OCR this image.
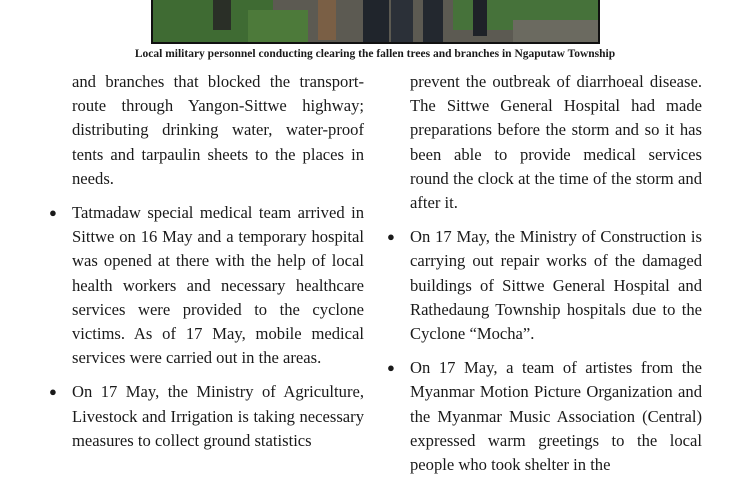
Local military personnel conducting clearing the fallen trees and branches in Ngaputaw Township

and branches that blocked the transport-route through Yangon-Sittwe highway; distributing drinking water, water-proof tents and tarpaulin sheets to the places in needs.

● Tatmadaw special medical team arrived in Sittwe on 16 May and a temporary hospital was opened at there with the help of local health workers and necessary healthcare services were provided to the cyclone victims. As of 17 May, mobile medical services were carried out in the areas.
● On 17 May, the Ministry of Agriculture, Livestock and Irrigation is taking necessary measures to collect ground statistics

prevent the outbreak of diarrhoeal disease. The Sittwe General Hospital had made preparations before the storm and so it has been able to provide medical services round the clock at the time of the storm and after it.

● On 17 May, the Ministry of Construction is carrying out repair works of the damaged buildings of Sittwe General Hospital and Rathedaung Township hospitals due to the Cyclone “Mocha”.
● On 17 May, a team of artistes from the Myanmar Motion Picture Organization and the Myanmar Music Association (Central) expressed warm greetings to the local people who took shelter in the
